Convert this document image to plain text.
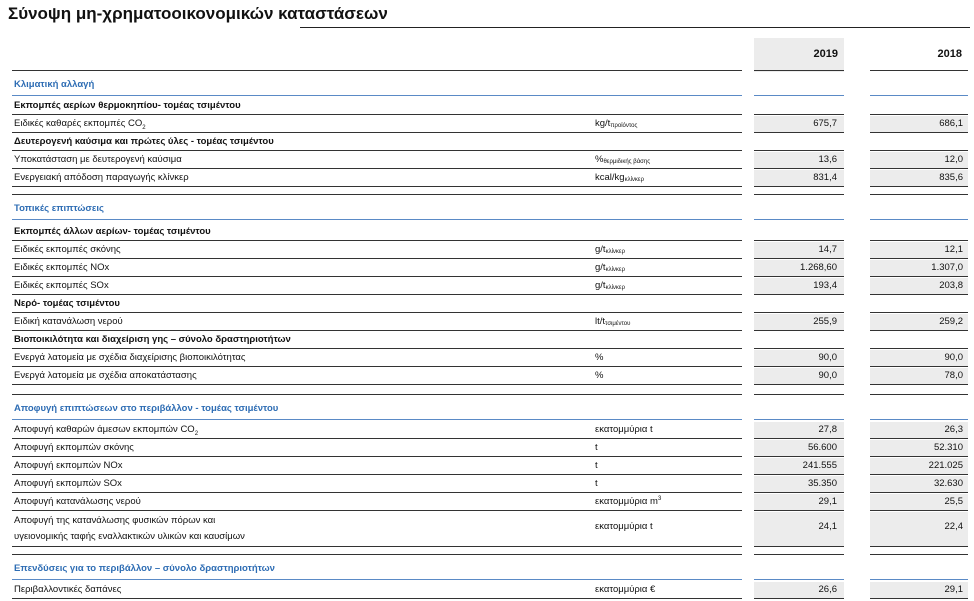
Σύνοψη μη-χρηματοοικονομικών καταστάσεων
2019	2018
Κλιματική αλλαγή
Εκπομπές αερίων θερμοκηπίου- τομέας τσιμέντου
Ειδικές καθαρές εκπομπές $CO_2$	$kg/t_{\pi\rho oϊό\nu\tau o\varsigma}$	675,7	686,1
Δευτερογενή καύσιμα και πρώτες ύλες - τομέας τσιμέντου
Υποκατάσταση με δευτερογενή καύσιμα	$\%_{\theta\varepsilon\rho\mu\iota\delta\iota\kappa ή\varsigma \beta ά\sigma\eta\varsigma}$	13,6	12,0
Ενεργειακή απόδοση παραγωγής κλίνκερ	kcal/$kg_{\kappa\lambda ί\nu\kappa\varepsilon\rho}$	831,4	835,6
Τοπικές επιπτώσεις
Εκπομπές άλλων αερίων- τομέας τσιμέντου
Ειδικές εκπομπές σκόνης	$g/t_{\kappa\lambda ί\nu\kappa\varepsilon\rho}$	14,7	12,1
Ειδικές εκπομπές NOx	$g/t_{\kappa\lambda ί\nu\kappa\varepsilon\rho}$	1.268,60	1.307,0
Ειδικές εκπομπές SOx	$g/t_{\kappa\lambda ί\nu\kappa\varepsilon\rho}$	193,4	203,8
Νερό- τομέας τσιμέντου
Ειδική κατανάλωση νερού	$lt/t_{\tau\sigma\iota\mu έ\nu\tau o\upsilon}$	255,9	259,2
Βιοποικιλότητα και διαχείριση γης – σύνολο δραστηριοτήτων
Ενεργά λατομεία με σχέδια διαχείρισης βιοποικιλότητας	%	90,0	90,0
Ενεργά λατομεία με σχέδια αποκατάστασης	%	90,0	78,0
Αποφυγή επιπτώσεων στο περιβάλλον - τομέας τσιμέντου
Αποφυγή καθαρών άμεσων εκπομπών $CO_2$	εκατομμύρια t	27,8	26,3
Αποφυγή εκπομπών σκόνης	t	56.600	52.310
Αποφυγή εκπομπών NOx	t	241.555	221.025
Αποφυγή εκπομπών SOx	t	35.350	32.630
Αποφυγή κατανάλωσης νερού	εκατομμύρια $m^3$	29,1	25,5
Αποφυγή της κατανάλωσης φυσικών πόρων και
υγειονομικής ταφής εναλλακτικών υλικών και καυσίμων
εκατομμύρια t	24,1	22,4
Επενδύσεις για το περιβάλλον – σύνολο δραστηριοτήτων
Περιβαλλοντικές δαπάνες	εκατομμύρια €	26,6	29,1
